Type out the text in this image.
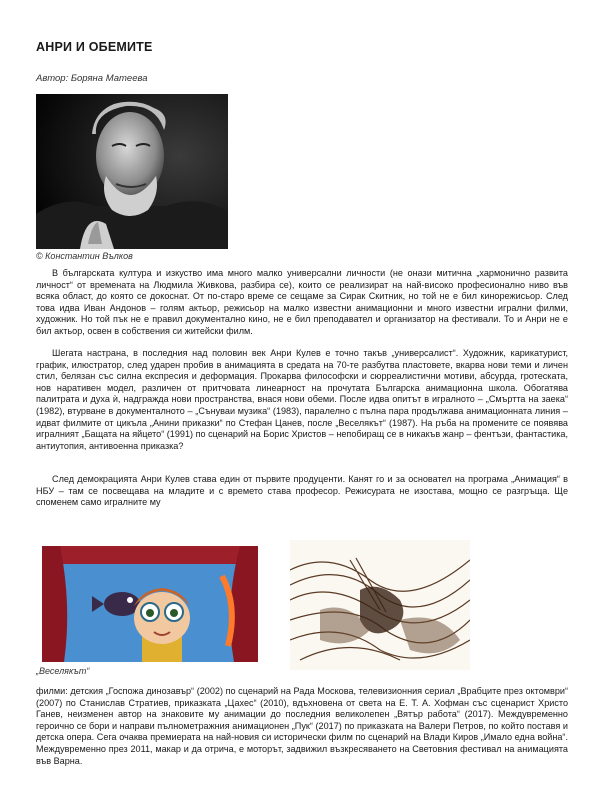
АНРИ И ОБЕМИТЕ
Автор: Боряна Матеева
© Константин Вълков

В българската култура и изкуство има много малко универсални личности (не онази митична „хармонично развита личност“ от времената на Людмила Живкова, разбира се), които се реализират на най-високо професионално ниво във всяка област, до която се докоснат. От по-старо време се сещаме за Сирак Скитник, но той не е бил кинорежисьор. След това идва Иван Андонов – голям актьор, режисьор на малко известни анимационни и много известни игрални филми, художник. Но той пък не е правил документално кино, не е бил преподавател и организатор на фестивали. То и Анри не е бил актьор, освен в собствения си житейски филм.

Шегата настрана, в последния над половин век Анри Кулев е точно такъв „универсалист“. Художник, карикатурист, график, илюстратор, след ударен пробив в анимацията в средата на 70-те разбутва пластовете, вкарва нови теми и личен стил, белязан със силна експресия и деформация. Прокарва философски и сюрреалистични мотиви, абсурда, гротеската, нов наративен модел, различен от притчовата линеарност на прочутата Българска анимационна школа. Обогатява палитрата и духа ѝ, надгражда нови пространства, внася нови обеми. После идва опитът в игралното – „Смъртта на заека“ (1982), втурване в документалното – „Сънуваи музика“ (1983), паралелно с пълна пара продължава анимационната линия – идват филмите от цикъла „Анини приказки“ по Стефан Цанев, после „Веселякът“ (1987). На ръба на промените се появява игралният „Бащата на яйцето“ (1991) по сценарий на Борис Христов – непобиращ се в никакъв жанр – фентъзи, фантастика, антиутопия, антивоенна приказка?

След демокрацията Анри Кулев става един от първите продуценти. Канят го и за основател на програма „Анимация“ в НБУ – там се посвещава на младите и с времето става професор. Режисурата не изостава, мощно се разгръща. Ще споменем само игралните му

„Веселякът“

филми: детския „Госпожа динозавър“ (2002) по сценарий на Рада Москова, телевизионния сериал „Врабците през октомври“ (2007) по Станислав Стратиев, приказката „Цахес“ (2010), вдъхновена от света на Е. Т. А. Хофман със сценарист Христо Ганев, неизменен автор на знаковите му анимации до последния великолепен „Вятър работа“ (2017). Междувременно героично се бори и направи пълнометражния анимационен „Пук“ (2017) по приказката на Валери Петров, по който поставя и детска опера. Сега очаква премиерата на най-новия си исторически филм по сценарий на Влади Киров „Имало една война“. Междувременно през 2011, макар и да отрича, е моторът, задвижил възкресяването на Световния фестивал на анимацията във Варна.
